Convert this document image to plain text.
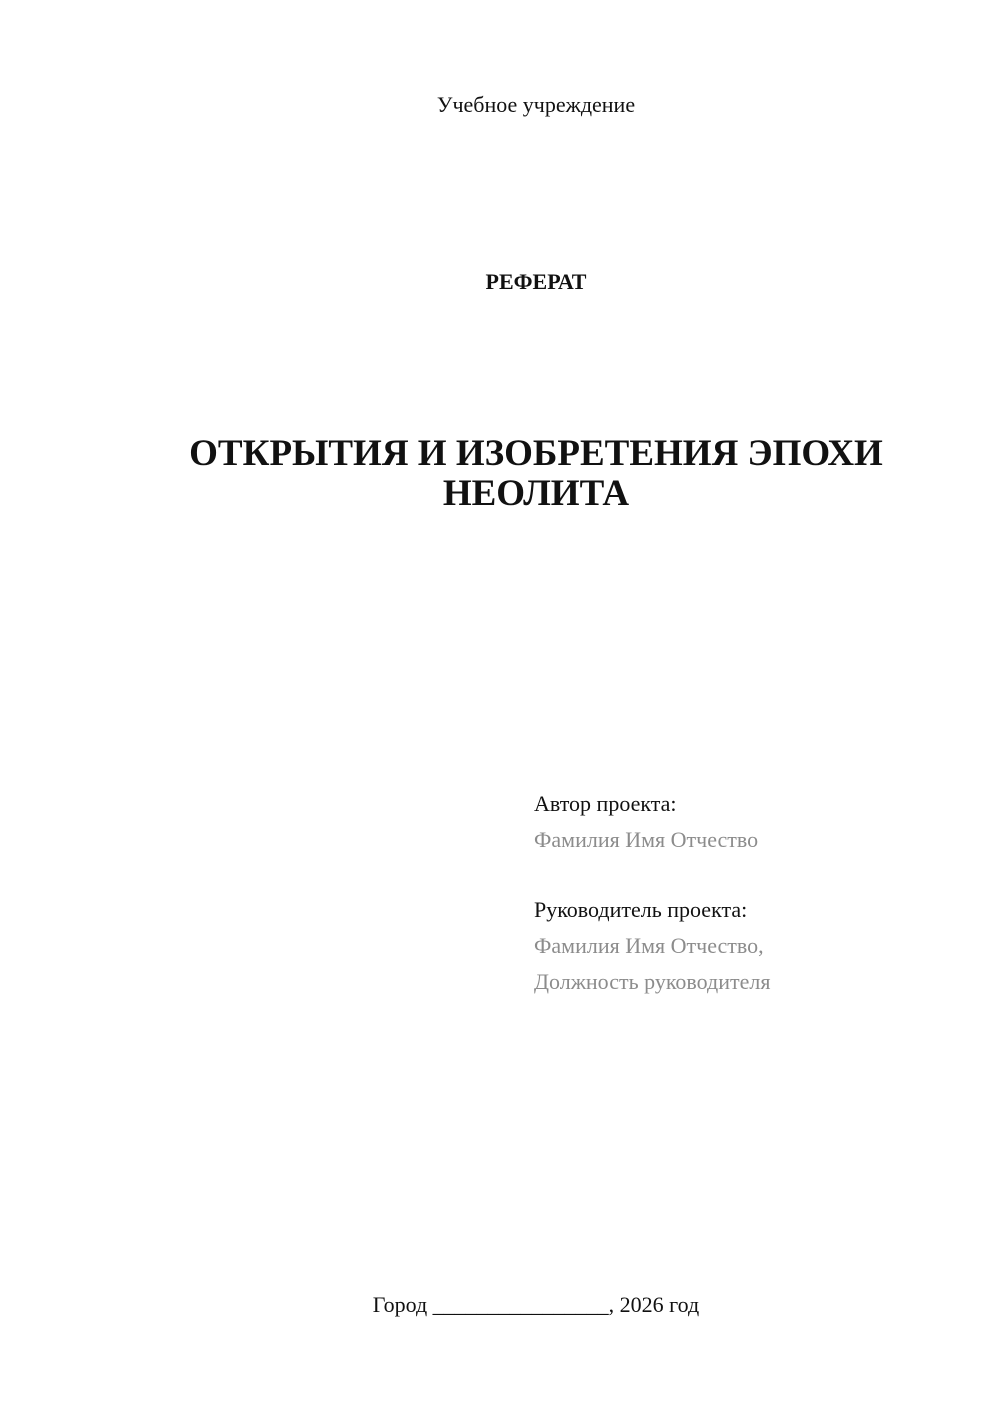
Учебное учреждение
РЕФЕРАТ
ОТКРЫТИЯ И ИЗОБРЕТЕНИЯ ЭПОХИ
НЕОЛИТА
Автор проекта:
Фамилия Имя Отчество
Руководитель проекта:
Фамилия Имя Отчество,
Должность руководителя
Город ________________, 2026 год
